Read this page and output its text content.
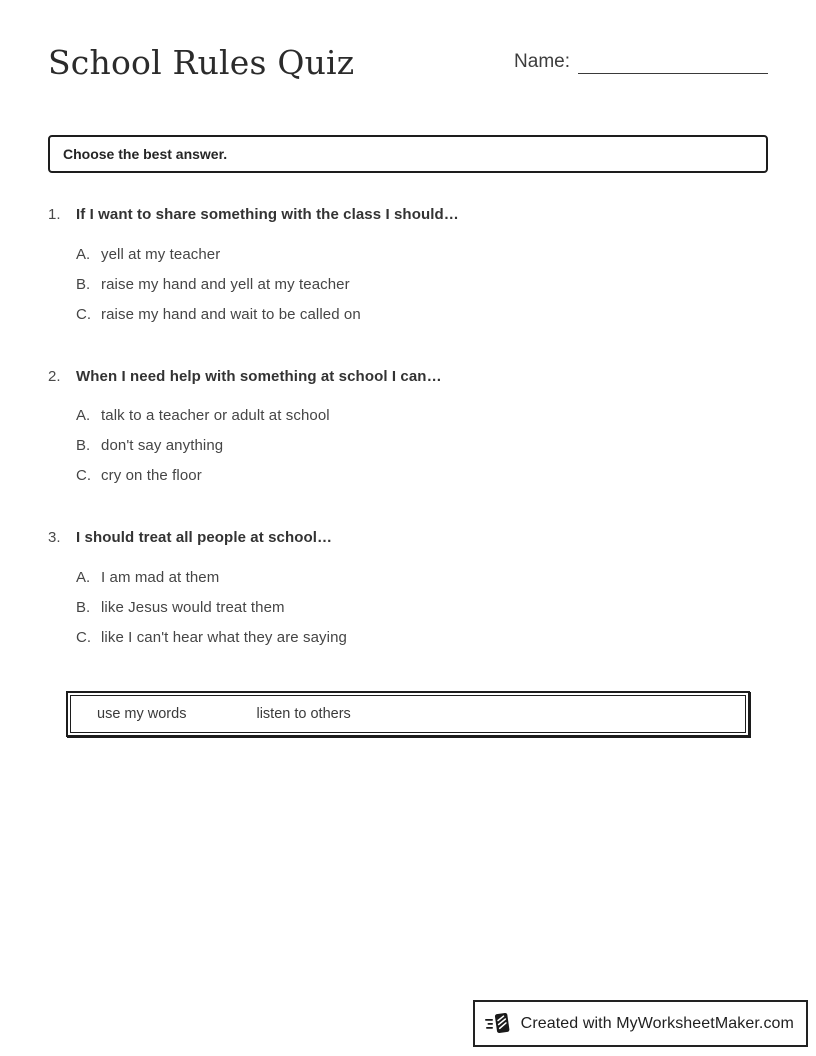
School Rules Quiz	Name:
Choose the best answer.
1.	If I want to share something with the class I should…
A. yell at my teacher
B. raise my hand and yell at my teacher
C. raise my hand and wait to be called on
2.	When I need help with something at school I can…
A. talk to a teacher or adult at school
B. don't say anything
C. cry on the floor
3.	I should treat all people at school…
A. I am mad at them
B. like Jesus would treat them
C. like I can't hear what they are saying
use my words	listen to others
Created with MyWorksheetMaker.com
